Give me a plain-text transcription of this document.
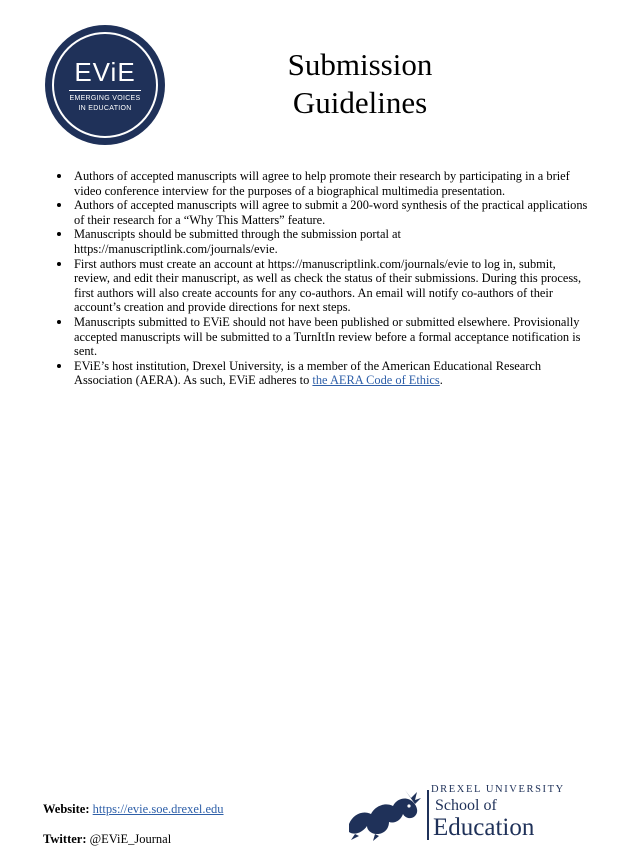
EViE
EMERGING VOICES
IN EDUCATION
Submission
Guidelines
Authors of accepted manuscripts will agree to help promote their research by participating in a brief video conference interview for the purposes of a biographical multimedia presentation.
Authors of accepted manuscripts will agree to submit a 200-word synthesis of the practical applications of their research for a “Why This Matters” feature.
Manuscripts should be submitted through the submission portal at https://manuscriptlink.com/journals/evie.
First authors must create an account at https://manuscriptlink.com/journals/evie to log in, submit, review, and edit their manuscript, as well as check the status of their submissions. During this process, first authors will also create accounts for any co-authors. An email will notify co-authors of their account’s creation and provide directions for next steps.
Manuscripts submitted to EViE should not have been published or submitted elsewhere. Provisionally accepted manuscripts will be submitted to a TurnItIn review before a formal acceptance notification is sent.
EViE’s host institution, Drexel University, is a member of the American Educational Research Association (AERA). As such, EViE adheres to the AERA Code of Ethics.
Website: https://evie.soe.drexel.edu
Twitter: @EViE_Journal
DREXEL UNIVERSITY
School of
Education
